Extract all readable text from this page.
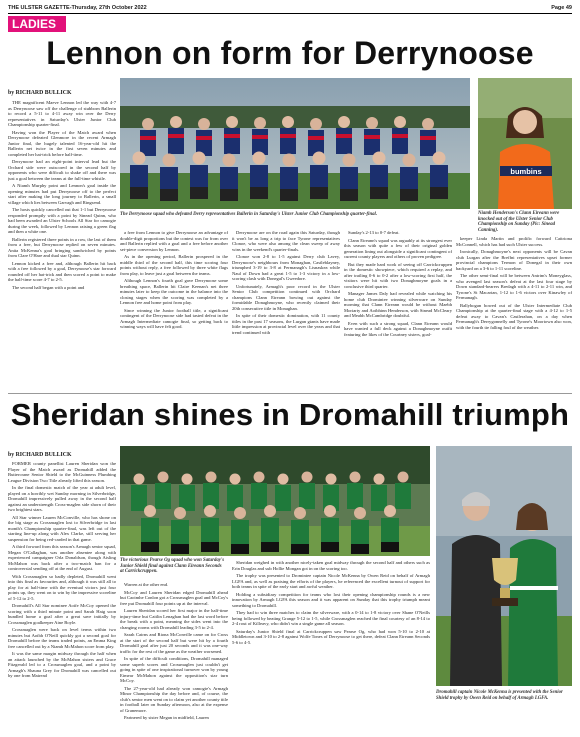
THE ULSTER GAZETTE-Thursday, 27th October 2022	Page 49
LADIES
Lennon on form for Derrynoose
The Derrynoose squad who defeated Derry representatives Ballerin in Saturday's Ulster Junior Club Championship quarter-final.
bumbins
Niamh Henderson's Clann Eireann were knocked out of the Ulster Senior Club Championship on Sunday (Pic: Sinead Canning).
by RICHARD BULLICK

THE magnificent Maeve Lennon led the way with 4-7 as Derrynoose saw off the challenge of stubborn Ballerin to record a 5-11 to 4-11 away win over the Derry representatives in Saturday's Ulster Junior Club Championship quarter-final.

Having won the Player of the Match award when Derrynoose defeated Glenmore in the recent Armagh Junior final, the hugely talented 16-year-old hit the Ballerin net twice in the first seven minutes and completed her hat-trick before half-time.

Derrynoose had an eight-point interval lead but the Orchard side were outscored in the second half by opponents who were difficult to shake off and there was just a goal between the teams at the full-time whistle.

A Niamh Murphy point and Lennon's goal inside the opening minutes had put Derrynoose off to the perfect start after making the long journey to Ballerin, a small village which lies between Garvagh and Ringsend.

The hosts quickly cancelled out that 1-1 but Derrynoose responded promptly with a point by Sinead Quinn, who had been awarded an Ulster Schools All Star for camogie during the week, followed by Lennon raising a green flag and then a white one.

Ballerin registered three points in a row, the last of them from a free, but Derrynoose replied on seven minutes. Anita McKenna's goal bringing sandwiched by points from Clare O'Hare and dual star Quinn.

Lennon kicked a free and, although Ballerin hit back with a free followed by a goal, Derrynoose's star forward rounded off her hat-trick and then scored a point to make the half-time score 4-7 to 2-5.

The second half began with a point and

a free from Lennon to give Derrynoose an advantage of double-digit proportions but the contest was far from over and Ballerin replied with a goal and a free before another set-piece conversion by Lennon.

As in the opening period, Ballerin prospered in the middle third of the second half, this time scoring four points without reply, a free followed by three white flags from play, to leave just a goal between the teams.

Although Lennon's fourth goal gave Derrynoose some breathing space, Ballerin hit Claire Keenan's net three minutes later to keep the outcome in the balance into the closing stages when the scoring was completed by a Lennon free and home point from play.

Since winning the Junior football title, a significant contingent of the Derrynoose side had tasted defeat in the Armagh Intermediate camogie final, so getting back to winning ways will have felt good.

Derrynoose are on the road again this Saturday, though it won't be as long a trip to face Tyrone representatives Clonoe, who were also among the clean sweep of away wins in the weekend's quarter-finals.

Clonoe won 2-8 to 1-5 against Derry club Lavey, Derrynoose's neighbours from Monaghan, Castleblayney, triumphed 3-19 to 3-8 at Fermanagh's Lisnaskea while Naul of Down had a great 1-5 to 1-3 victory in a low-scoring clash with Donegal's Gweedore.

Unfortunately, Armagh's poor record in the Ulster Senior Club competition continued with Orchard champions Clann Eireann bowing out against the formidable Donaghmoyne, who recently claimed their 20th consecutive title in Monaghan.

In spite of their domestic domination, with 11 county titles in the past 17 seasons, the Lurgan giants have made little impression at provincial level over the years and that trend continued with

Sunday's 2-13 to 0-7 defeat.

Clann Eireann's squad was arguably at its strongest ever this season with quite a few of their original golden generation lining out alongside a significant contingent of current county players and others of proven pedigree.

But they made hard work of seeing off Carrickcruppen in the domestic showpiece, which required a replay, and after trailing 0-6 to 0-2 after a low-scoring first half, the visitors were hit with two Donaghmoyne goals in a conclusive third quarter.

Manager James Daly had revealed while watching his home club Dromintee winning silverware on Sunday morning that Clann Eireann would be without Maebh Moriarty and Aoibhinn Henderson, with Sinead McCleary and Meabh McCambridge doubtful.

Even with such a strong squad, Clann Eireann would have wanted a full deck against a Donaghmoyne outfit featuring the likes of the Courtney sisters, goal-

keeper Linda Martin and prolific forward Caitriona McConnell, which has had such Ulster success.

Ironically, Donaghmoyne's next opponents will be Cavan club Lurgan after the Breffni representatives upset former provincial champions Termon of Donegal in their own backyard on a 3-6 to 1-11 scoreline.

The other semi-final will be between Antrim's Moneyglass, who avenged last season's defeat at the last four stage by Down standard-bearers Bredagh with a 4-11 to 2-11 win, and Tyrone's St Macartan, 1-12 to 1-6 victors over Kinawley of Fermanagh.

Ballybogan bowed out of the Ulster Intermediate Club Championship at the quarter-final stage with a 4-12 to 1-5 defeat away to Cavan's Castlerahan, on a day when Fermanagh's Derrygonnelly and Tyrone's Moortown also won, with the fourth tie falling foul of the weather.

Sheridan shines in Dromahill triumph
by RICHARD BULLICK

FORMER county panellist Lauren Sheridan won the Player of the Match award as Dromahill added the Buttercrane Senior Shield to the McGuinness Plumbing League Division Two Title already lifted this season.

In the final domestic match of the year at adult level, played on a horribly wet Sunday morning in Silverbridge, Dromahill impressively pulled away in the second half against an understrength Cross-maglen side shorn of their two brightest stars.

All Star winner Lauren McConville, who has shone on the big stage as Crossmaglen lost to Silverbridge in last month's Championship quarter-final, was left out of the starting line-up along with Alex Clarke, still serving her suspension for being red-carded in that game.

A third forward from this season's Armagh senior squad, Megan O'Callaghan, was another absentee along with experienced campaigner Orla Donaldson, though Aisling McMahon was back after a two-match ban for a controversial sending off at the end of August.

With Crossmaglen so badly depleted, Dromahill went into this final as favourites and, although it was still all to play for at half-time with the eventual victors just four points up, they went on to win by the impressive scoreline of 5-12 to 2-5.

Dromahill's All Star nominee Aoife McCoy opened the scoring with a third minute point and Sarah Haig soon bundled home a goal after a great save initially by Crossmaglen goalkeeper Aine Boyle.

Crossmaglen were back on level terms within two minutes but Aoibh O'Neill quickly got a second goal for Dromahill before the teams traded points, an Emma King free cancelled out by a Niamh McMahon score from play.

It was the same margin midway through the half when an attack launched by the McMahon sisters and Grace Fitzgerald led to a Crossmaglen goal, and a point by Armagh's Shauna Grey for Dromahill was cancelled out by one from Mairead

The victorious Pearse Og squad who won Saturday's Junior Shield final against Clann Eireann Seconds at Carrickcruppen.

Warren at the other end.

McCoy and Lauren Sheridan edged Dromahill ahead but Caoimhe Conlon got a Crossmaglen goal and McCoy's free put Dromahill four points up at the interval.

Lauren Sheridan scored her first major in the half-time injury-time but Caitlin Lenaghan had the last word before the break with a point, meaning the sides went into the changing rooms with Dromahill leading 3-5 to 2-4.

Sarah Cairns and Riona McConville came on for Cross at the start of the second half but were hit by a fourth Dromahill goal after just 20 seconds and it was one-way traffic for the rest of the game as the weather worsened.

In spite of the difficult conditions, Dromahill managed some superb scores and Crossmaglen just couldn't get going in spite of one inspirational turnover won by young Eimear McMahon against the opposition's star turn McCoy.

The 27-year-old had already won camogie's Armagh Minor Championship the day before and, of course, the club's senior men went on to claim yet another county title in football later on Sunday afternoon, also at the expense of Granemore.

Partnered by sister Megan in midfield, Lauren

Sheridan weighed in with another nicely-taken goal midway through the second half and others such as Erin Douglas and sub Hollie Mongan got in on the scoring too.

The trophy was presented to Dromintee captain Nicole McKenna by Owen Reid on behalf of Armagh LGFA and, as well as praising the efforts of the players, he referenced the excellent turnout of support for both teams in spite of the early start and awful weather.

Holding a subsidiary competition for teams who lost their opening championship rounds is a new innovation by Armagh LGFA this season and it was apparent on Sunday that this trophy triumph meant something to Dromahill.

They had to win three matches to claim the silverware, with a 0-14 to 1-8 victory over Shane O'Neills being followed by beating Grange 5-12 to 1-5, while Crossmaglen reached the final courtesy of an 8-14 to 2-4 rout of Killeavy, who didn't win a single game all season.

Saturday's Junior Shield final at Carrickcruppen saw Pearse Og, who had won 5-10 to 2-10 at Middletown and 3-10 to 2-8 against Wolfe Tones of Derrynoose to get there, defeat Clann Eireann Seconds 5-6 to 4-5.

Dromahill captain Nicole McKenna is presented with the Senior Shield trophy by Owen Reid on behalf of Armagh LGFA.
